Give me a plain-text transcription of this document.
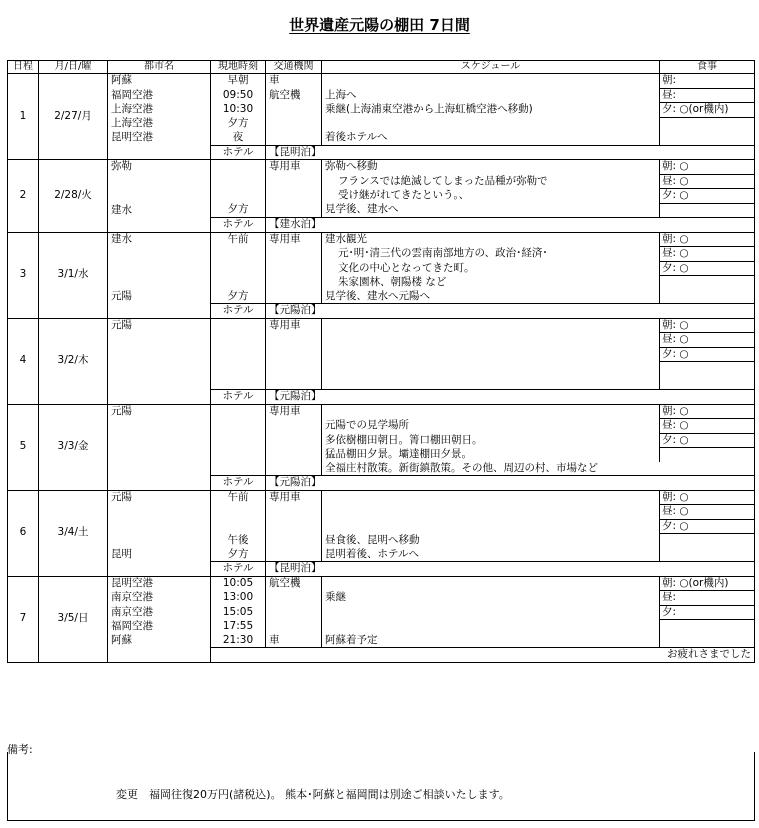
世界遺産元陽の棚田 7日間
日程	月/日/曜	都市名	現地時刻	交通機関	スケジュール	食事
1	2/27/月	阿蘇	早朝	車		朝:
		福岡空港	09:50	航空機	上海へ	昼:
		上海空港	10:30		乗継(上海浦東空港から上海虹橋空港へ移動)	夕: ○(or機内)
		上海空港	夕方			
		昆明空港	夜		着後ホテルへ	
			ホテル	【昆明泊】		
2	2/28/火	弥勒		専用車	弥勒へ移動	朝: ○
					フランスでは絶滅してしまった品種が弥勒で	昼: ○
					受け継がれてきたという。、	夕: ○
		建水	夕方		見学後、建水へ	
			ホテル	【建水泊】		
3	3/1/水	建水	午前	専用車	建水観光	朝: ○
					元･明･清三代の雲南南部地方の、政治･経済･	昼: ○
					文化の中心となってきた町。	夕: ○
					朱家園林、朝陽楼 など	
		元陽	夕方		見学後、建水へ元陽へ	
			ホテル	【元陽泊】		
4	3/2/木	元陽		専用車		朝: ○
						昼: ○
						夕: ○

			ホテル	【元陽泊】		
5	3/3/金	元陽		専用車		朝: ○
					元陽での見学場所	昼: ○
					多依樹棚田朝日。箐口棚田朝日。	夕: ○
					猛品棚田夕景。壩達棚田夕景。	
					全福庄村散策。新街鎮散策。その他、周辺の村、市場など	
			ホテル	【元陽泊】		
6	3/4/土	元陽	午前	専用車		朝: ○
						昼: ○
						夕: ○
			午後		昼食後、昆明へ移動	
		昆明	夕方		昆明着後、ホテルへ	
			ホテル	【昆明泊】		
7	3/5/日	昆明空港	10:05	航空機		朝: ○(or機内)
		南京空港	13:00		乗継	昼:
		南京空港	15:05			夕:
		福岡空港	17:55			
		阿蘇	21:30	車	阿蘇着予定	
			お疲れさまでした			
備考:
変更　福岡往復20万円(諸税込)。 熊本･阿蘇と福岡間は別途ご相談いたします。
